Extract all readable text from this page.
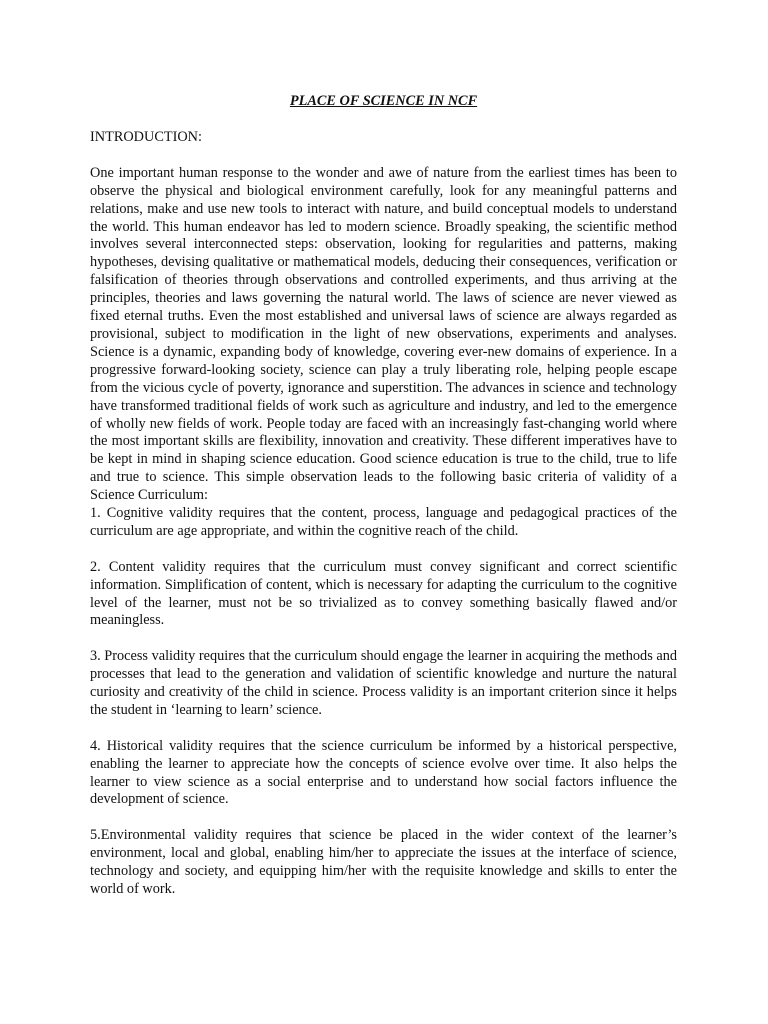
PLACE OF SCIENCE IN NCF

INTRODUCTION:

One important human response to the wonder and awe of nature from the earliest times has been to observe the physical and biological environment carefully, look for any meaningful patterns and relations, make and use new tools to interact with nature, and build conceptual models to understand the world. This human endeavor has led to modern science. Broadly speaking, the scientific method involves several interconnected steps: observation, looking for regularities and patterns, making hypotheses, devising qualitative or mathematical models, deducing their consequences, verification or falsification of theories through observations and controlled experiments, and thus arriving at the principles, theories and laws governing the natural world. The laws of science are never viewed as fixed eternal truths. Even the most established and universal laws of science are always regarded as provisional, subject to modification in the light of new observations, experiments and analyses. Science is a dynamic, expanding body of knowledge, covering ever-new domains of experience. In a progressive forward-looking society, science can play a truly liberating role, helping people escape from the vicious cycle of poverty, ignorance and superstition. The advances in science and technology have transformed traditional fields of work such as agriculture and industry, and led to the emergence of wholly new fields of work. People today are faced with an increasingly fast-changing world where the most important skills are flexibility, innovation and creativity. These different imperatives have to be kept in mind in shaping science education. Good science education is true to the child, true to life and true to science. This simple observation leads to the following basic criteria of validity of a Science Curriculum:

1. Cognitive validity requires that the content, process, language and pedagogical practices of the curriculum are age appropriate, and within the cognitive reach of the child.

2. Content validity requires that the curriculum must convey significant and correct scientific information. Simplification of content, which is necessary for adapting the curriculum to the cognitive level of the learner, must not be so trivialized as to convey something basically flawed and/or meaningless.

3. Process validity requires that the curriculum should engage the learner in acquiring the methods and processes that lead to the generation and validation of scientific knowledge and nurture the natural curiosity and creativity of the child in science. Process validity is an important criterion since it helps the student in ‘learning to learn’ science.

4. Historical validity requires that the science curriculum be informed by a historical perspective, enabling the learner to appreciate how the concepts of science evolve over time. It also helps the learner to view science as a social enterprise and to understand how social factors influence the development of science.

5.Environmental validity requires that science be placed in the wider context of the learner’s environment, local and global, enabling him/her to appreciate the issues at the interface of science, technology and society, and equipping him/her with the requisite knowledge and skills to enter the world of work.
